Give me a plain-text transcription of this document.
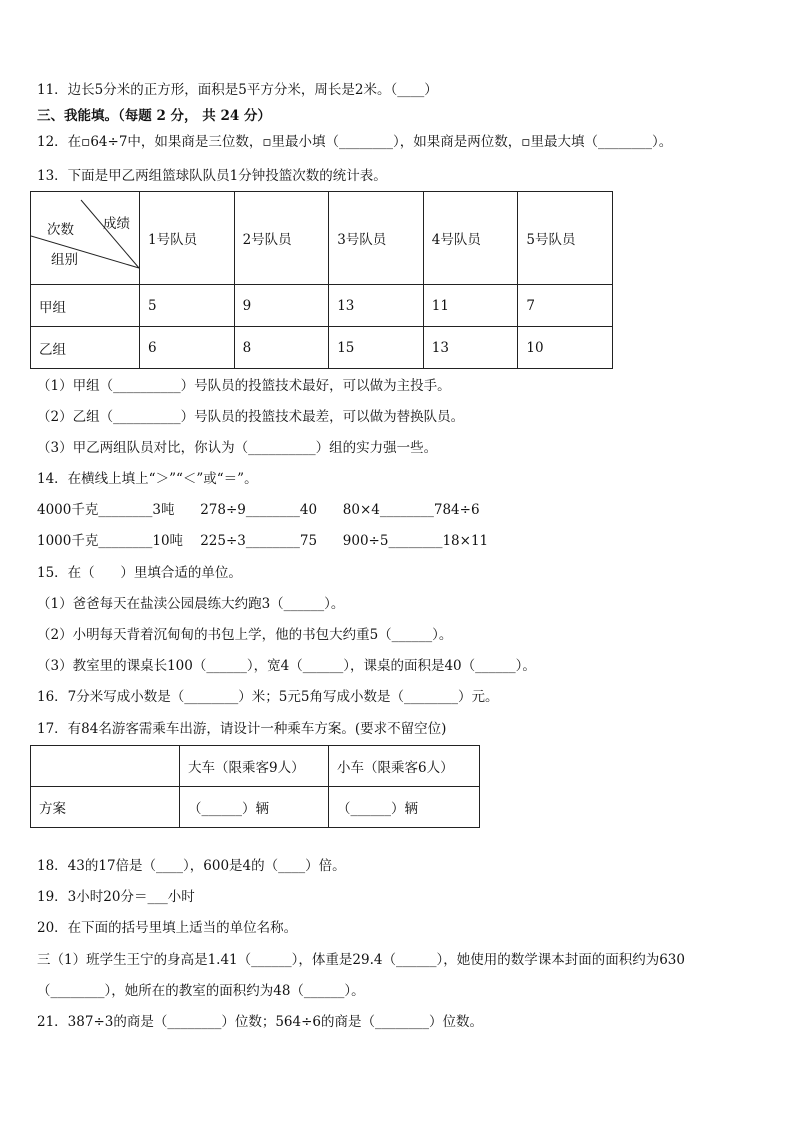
11．边长5分米的正方形，面积是5平方分米，周长是2米。（____）
三、我能填。（每题 2 分， 共 24 分）
12．在▫64÷7中，如果商是三位数，▫里最小填（________），如果商是两位数，▫里最大填（________）。
13．下面是甲乙两组篮球队队员1分钟投篮次数的统计表。
成绩
次数
组别	1号队员	2号队员	3号队员	4号队员	5号队员
甲组	5	9	13	11	7
乙组	6	8	15	13	10
（1）甲组（__________）号队员的投篮技术最好，可以做为主投手。
（2）乙组（__________）号队员的投篮技术最差，可以做为替换队员。
（3）甲乙两组队员对比，你认为（__________）组的实力强一些。
14．在横线上填上“＞”“＜”或“＝”。
4000千克________3吨      278÷9________40      80×4________784÷6
1000千克________10吨    225÷3________75      900÷5________18×11
15．在（      ）里填合适的单位。
（1）爸爸每天在盐渎公园晨练大约跑3（______）。
（2）小明每天背着沉甸甸的书包上学，他的书包大约重5（______）。
（3）教室里的课桌长100（______），宽4（______），课桌的面积是40（______）。
16．7分米写成小数是（________）米；5元5角写成小数是（________）元。
17．有84名游客需乘车出游，请设计一种乘车方案。(要求不留空位)
	大车（限乘客9人）	小车（限乘客6人）
方案	（______）辆	（______）辆
18．43的17倍是（____），600是4的（____）倍。
19．3小时20分＝___小时
20．在下面的括号里填上适当的单位名称。
三（1）班学生王宁的身高是1.41（______），体重是29.4（______），她使用的数学课本封面的面积约为630
（________），她所在的教室的面积约为48（______）。
21．387÷3的商是（________）位数；564÷6的商是（________）位数。
